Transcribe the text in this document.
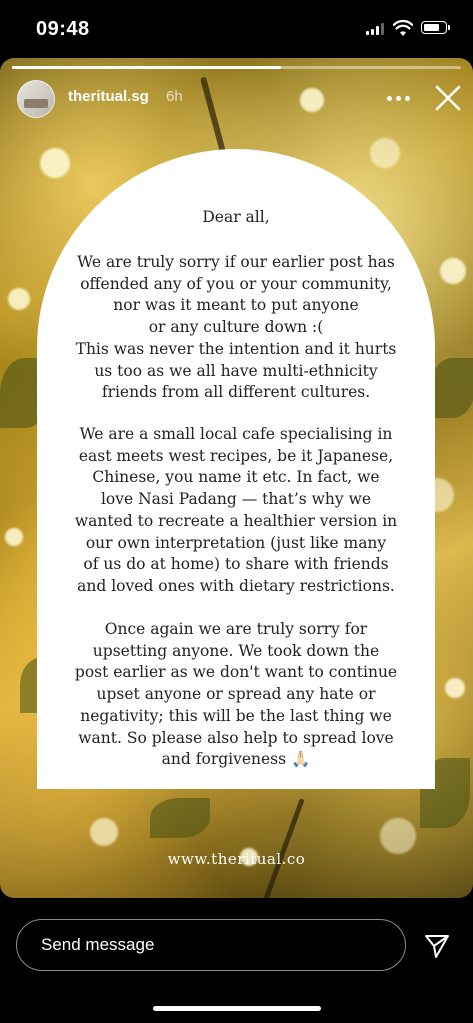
09:48
theritual.sg 6h

Dear all,

We are truly sorry if our earlier post has

offended any of you or your community,

nor was it meant to put anyone

or any culture down :(

This was never the intention and it hurts

us too as we all have multi-ethnicity

friends from all different cultures.

We are a small local cafe specialising in

east meets west recipes, be it Japanese,

Chinese, you name it etc. In fact, we

love Nasi Padang — that’s why we

wanted to recreate a healthier version in

our own interpretation (just like many

of us do at home) to share with friends

and loved ones with dietary restrictions.

Once again we are truly sorry for

upsetting anyone. We took down the

post earlier as we don't want to continue

upset anyone or spread any hate or

negativity; this will be the last thing we

want. So please also help to spread love

and forgiveness 🙏🏻

www.theritual.co
Send message
